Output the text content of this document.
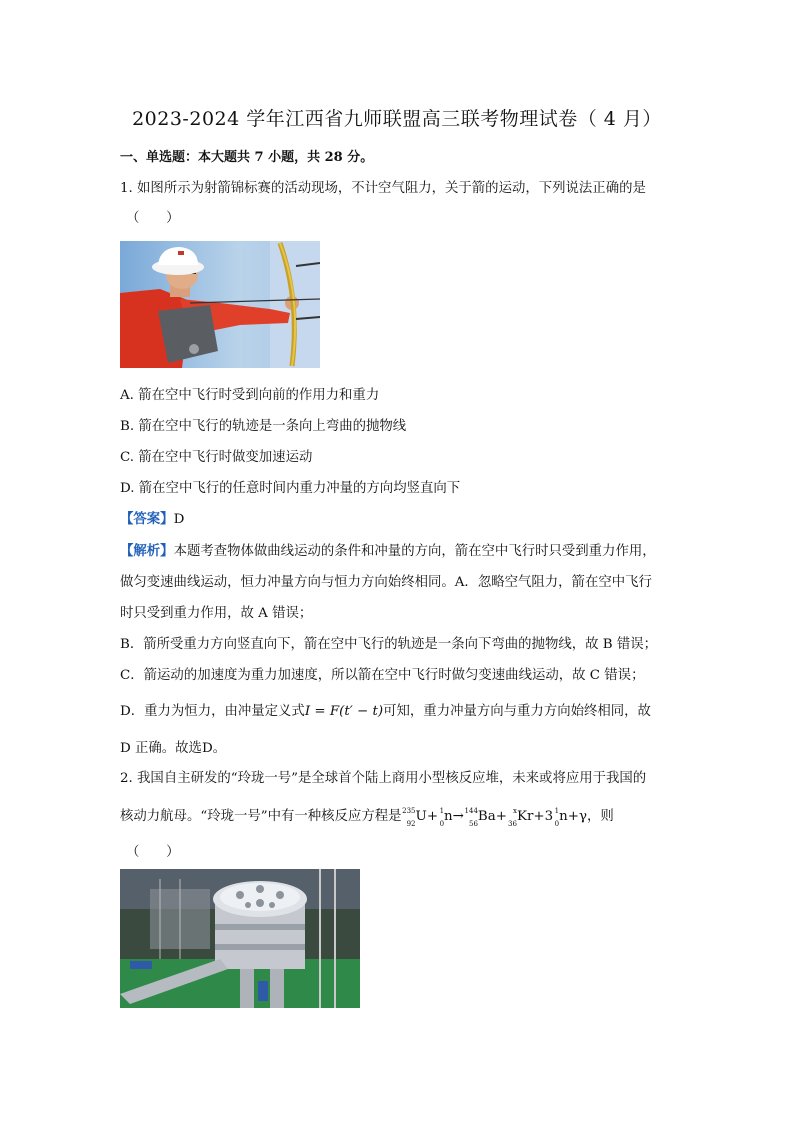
2023-2024 学年江西省九师联盟高三联考物理试卷（ 4 月）
一、单选题：本大题共 7 小题，共 28 分。
1. 如图所示为射箭锦标赛的活动现场，不计空气阻力，关于箭的运动，下列说法正确的是
（　　）
A. 箭在空中飞行时受到向前的作用力和重力
B. 箭在空中飞行的轨迹是一条向上弯曲的抛物线
C. 箭在空中飞行时做变加速运动
D. 箭在空中飞行的任意时间内重力冲量的方向均竖直向下
【答案】D
【解析】本题考查物体做曲线运动的条件和冲量的方向，箭在空中飞行时只受到重力作用，
做匀变速曲线运动，恒力冲量方向与恒力方向始终相同。A．忽略空气阻力，箭在空中飞行
时只受到重力作用，故 A 错误；
B．箭所受重力方向竖直向下，箭在空中飞行的轨迹是一条向下弯曲的抛物线，故 B 错误；
C．箭运动的加速度为重力加速度，所以箭在空中飞行时做匀变速曲线运动，故 C 错误；
D．重力为恒力，由冲量定义式I = F(t′ − t)可知，重力冲量方向与重力方向始终相同，故
D 正确。故选D。
2. 我国自主研发的“玲珑一号”是全球首个陆上商用小型核反应堆，未来或将应用于我国的
核动力航母。“玲珑一号”中有一种核反应方程是 235
92 U+ 1
0 n→ 144
56 Ba+ x
36 Kr+3 1
0 n+γ，则
（　　）
